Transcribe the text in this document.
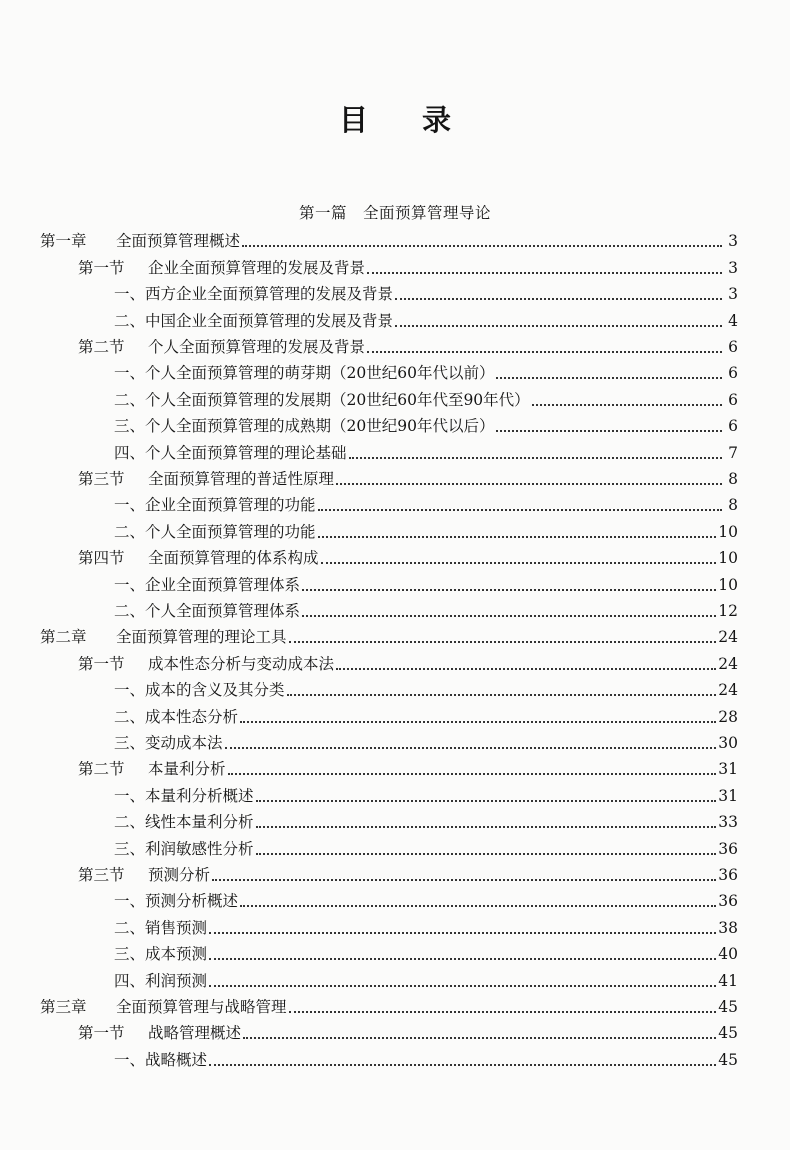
目 录
第一篇　全面预算管理导论
第一章	全面预算管理概述	3
第一节	企业全面预算管理的发展及背景	3
一、西方企业全面预算管理的发展及背景	3
二、中国企业全面预算管理的发展及背景	4
第二节	个人全面预算管理的发展及背景	6
一、个人全面预算管理的萌芽期（20世纪60年代以前）	6
二、个人全面预算管理的发展期（20世纪60年代至90年代）	6
三、个人全面预算管理的成熟期（20世纪90年代以后）	6
四、个人全面预算管理的理论基础	7
第三节	全面预算管理的普适性原理	8
一、企业全面预算管理的功能	8
二、个人全面预算管理的功能	10
第四节	全面预算管理的体系构成	10
一、企业全面预算管理体系	10
二、个人全面预算管理体系	12
第二章	全面预算管理的理论工具	24
第一节	成本性态分析与变动成本法	24
一、成本的含义及其分类	24
二、成本性态分析	28
三、变动成本法	30
第二节	本量利分析	31
一、本量利分析概述	31
二、线性本量利分析	33
三、利润敏感性分析	36
第三节	预测分析	36
一、预测分析概述	36
二、销售预测	38
三、成本预测	40
四、利润预测	41
第三章	全面预算管理与战略管理	45
第一节	战略管理概述	45
一、战略概述	45
